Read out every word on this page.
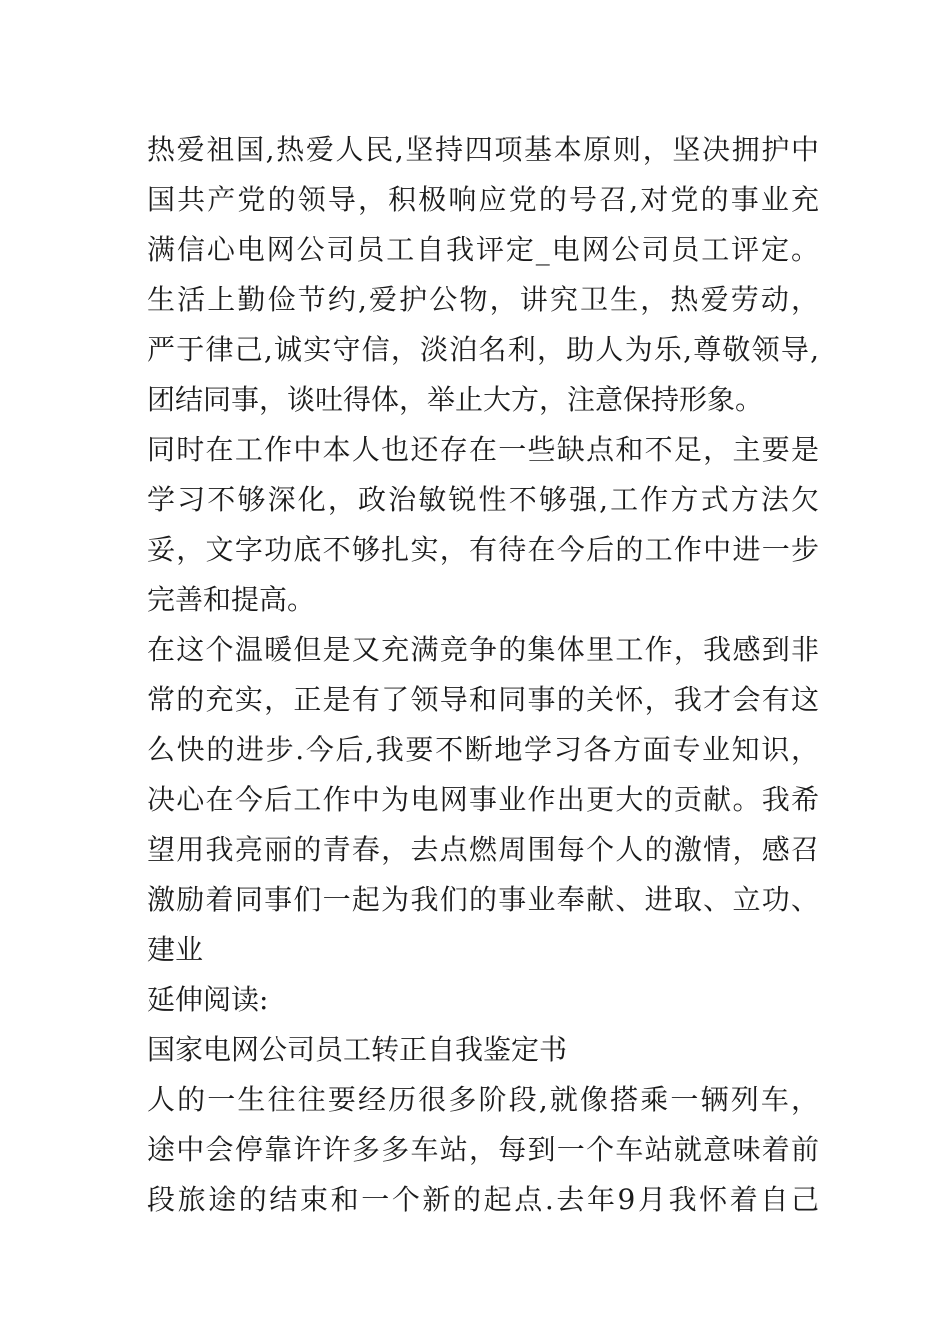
热爱祖国,热爱人民,坚持四项基本原则，坚决拥护中
国共产党的领导，积极响应党的号召,对党的事业充
满信心电网公司员工自我评定_电网公司员工评定。
生活上勤俭节约,爱护公物，讲究卫生，热爱劳动，
严于律己,诚实守信，淡泊名利，助人为乐,尊敬领导,
团结同事，谈吐得体，举止大方，注意保持形象。
同时在工作中本人也还存在一些缺点和不足，主要是
学习不够深化，政治敏锐性不够强,工作方式方法欠
妥，文字功底不够扎实，有待在今后的工作中进一步
完善和提高。
在这个温暖但是又充满竞争的集体里工作，我感到非
常的充实，正是有了领导和同事的关怀，我才会有这
么快的进步.今后,我要不断地学习各方面专业知识，
决心在今后工作中为电网事业作出更大的贡献。我希
望用我亮丽的青春，去点燃周围每个人的激情，感召
激励着同事们一起为我们的事业奉献、进取、立功、
建业
延伸阅读:
国家电网公司员工转正自我鉴定书
人的一生往往要经历很多阶段,就像搭乘一辆列车，
途中会停靠许许多多车站，每到一个车站就意味着前
段旅途的结束和一个新的起点.去年9月我怀着自己
